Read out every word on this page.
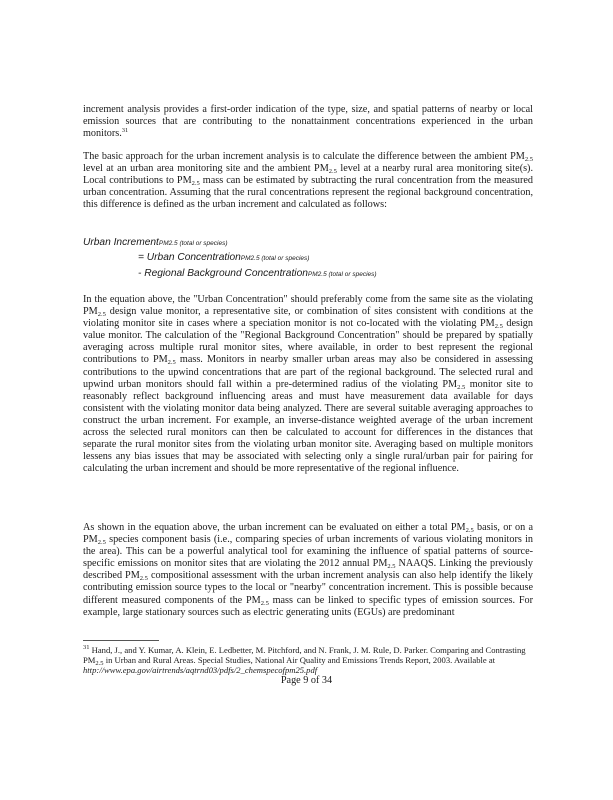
increment analysis provides a first-order indication of the type, size, and spatial patterns of nearby or local emission sources that are contributing to the nonattainment concentrations experienced in the urban monitors.$^{31}$

The basic approach for the urban increment analysis is to calculate the difference between the ambient $PM_{2.5}$ level at an urban area monitoring site and the ambient $PM_{2.5}$ level at a nearby rural area monitoring site(s). Local contributions to $PM_{2.5}$ mass can be estimated by subtracting the rural concentration from the measured urban concentration. Assuming that the rural concentrations represent the regional background concentration, this difference is defined as the urban increment and calculated as follows:

Urban IncrementPM2.5 (total or species)
= Urban ConcentrationPM2.5 (total or species)
- Regional Background ConcentrationPM2.5 (total or species)

In the equation above, the "Urban Concentration" should preferably come from the same site as the violating $PM_{2.5}$ design value monitor, a representative site, or combination of sites consistent with conditions at the violating monitor site in cases where a speciation monitor is not co-located with the violating $PM_{2.5}$ design value monitor. The calculation of the "Regional Background Concentration" should be prepared by spatially averaging across multiple rural monitor sites, where available, in order to best represent the regional contributions to $PM_{2.5}$ mass. Monitors in nearby smaller urban areas may also be considered in assessing contributions to the upwind concentrations that are part of the regional background. The selected rural and upwind urban monitors should fall within a pre-determined radius of the violating $PM_{2.5}$ monitor site to reasonably reflect background influencing areas and must have measurement data available for days consistent with the violating monitor data being analyzed. There are several suitable averaging approaches to construct the urban increment. For example, an inverse-distance weighted average of the urban increment across the selected rural monitors can then be calculated to account for differences in the distances that separate the rural monitor sites from the violating urban monitor site. Averaging based on multiple monitors lessens any bias issues that may be associated with selecting only a single rural/urban pair for pairing for calculating the urban increment and should be more representative of the regional influence.

As shown in the equation above, the urban increment can be evaluated on either a total $PM_{2.5}$ basis, or on a $PM_{2.5}$ species component basis (i.e., comparing species of urban increments of various violating monitors in the area). This can be a powerful analytical tool for examining the influence of spatial patterns of source-specific emissions on monitor sites that are violating the 2012 annual $PM_{2.5}$ NAAQS. Linking the previously described $PM_{2.5}$ compositional assessment with the urban increment analysis can also help identify the likely contributing emission source types to the local or "nearby" concentration increment. This is possible because different measured components of the $PM_{2.5}$ mass can be linked to specific types of emission sources. For example, large stationary sources such as electric generating units (EGUs) are predominant

$^{31}$ Hand, J., and Y. Kumar, A. Klein, E. Ledbetter, M. Pitchford, and N. Frank, J. M. Rule, D. Parker. Comparing and Contrasting $PM_{2.5}$ in Urban and Rural Areas. Special Studies, National Air Quality and Emissions Trends Report, 2003. Available at
http://www.epa.gov/airtrends/aqtrnd03/pdfs/2_chemspecofpm25.pdf

Page 9 of 34
